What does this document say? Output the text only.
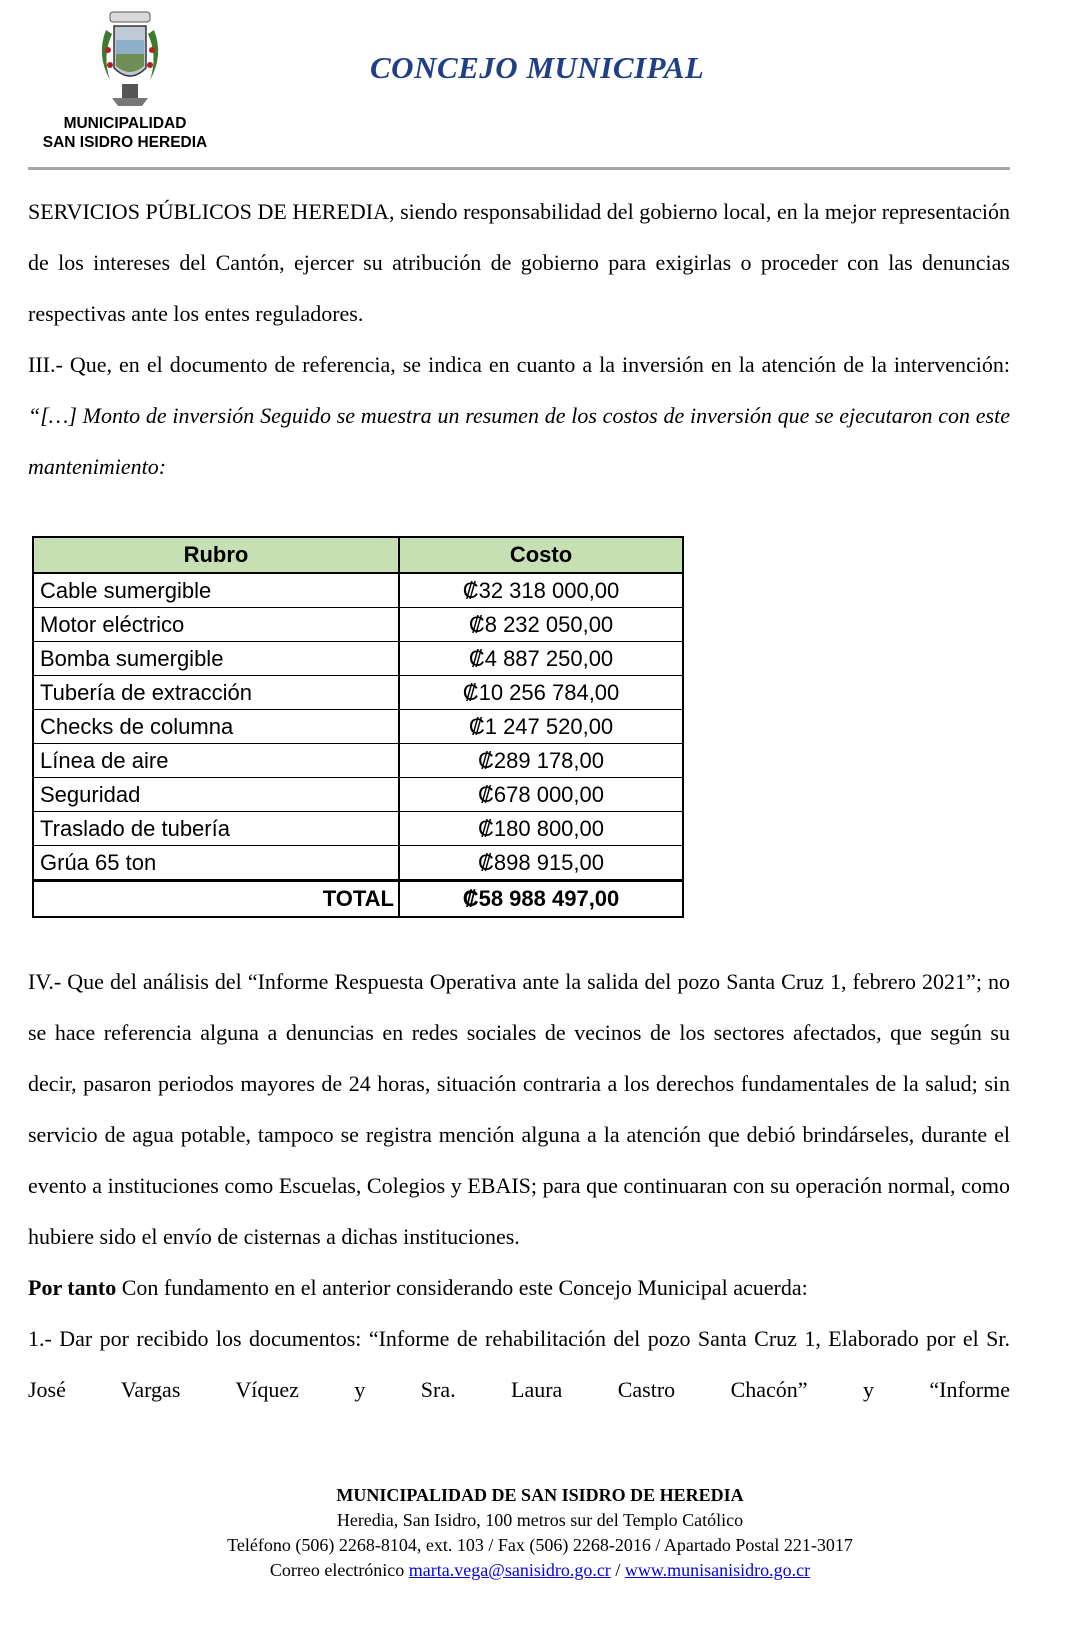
MUNICIPALIDAD
SAN ISIDRO HEREDIA
CONCEJO MUNICIPAL

SERVICIOS PÚBLICOS DE HEREDIA, siendo responsabilidad del gobierno local, en la mejor representación de los intereses del Cantón, ejercer su atribución de gobierno para exigirlas o proceder con las denuncias respectivas ante los entes reguladores.

III.- Que, en el documento de referencia, se indica en cuanto a la inversión en la atención de la intervención: “[…] Monto de inversión Seguido se muestra un resumen de los costos de inversión que se ejecutaron con este mantenimiento:

Rubro	Costo
Cable sumergible	₡32 318 000,00
Motor eléctrico	₡8 232 050,00
Bomba sumergible	₡4 887 250,00
Tubería de extracción	₡10 256 784,00
Checks de columna	₡1 247 520,00
Línea de aire	₡289 178,00
Seguridad	₡678 000,00
Traslado de tubería	₡180 800,00
Grúa 65 ton	₡898 915,00
TOTAL	₡58 988 497,00

IV.- Que del análisis del “Informe Respuesta Operativa ante la salida del pozo Santa Cruz 1, febrero 2021”; no se hace referencia alguna a denuncias en redes sociales de vecinos de los sectores afectados, que según su decir, pasaron periodos mayores de 24 horas, situación contraria a los derechos fundamentales de la salud; sin servicio de agua potable, tampoco se registra mención alguna a la atención que debió brindárseles, durante el evento a instituciones como Escuelas, Colegios y EBAIS; para que continuaran con su operación normal, como hubiere sido el envío de cisternas a dichas instituciones.

Por tanto Con fundamento en el anterior considerando este Concejo Municipal acuerda:

1.- Dar por recibido los documentos: “Informe de rehabilitación del pozo Santa Cruz 1, Elaborado por el Sr. José Vargas Víquez y Sra. Laura Castro Chacón” y “Informe

MUNICIPALIDAD DE SAN ISIDRO DE HEREDIA
Heredia, San Isidro, 100 metros sur del Templo Católico
Teléfono (506) 2268-8104, ext. 103 / Fax (506) 2268-2016 / Apartado Postal 221-3017
Correo electrónico marta.vega@sanisidro.go.cr / www.munisanisidro.go.cr
